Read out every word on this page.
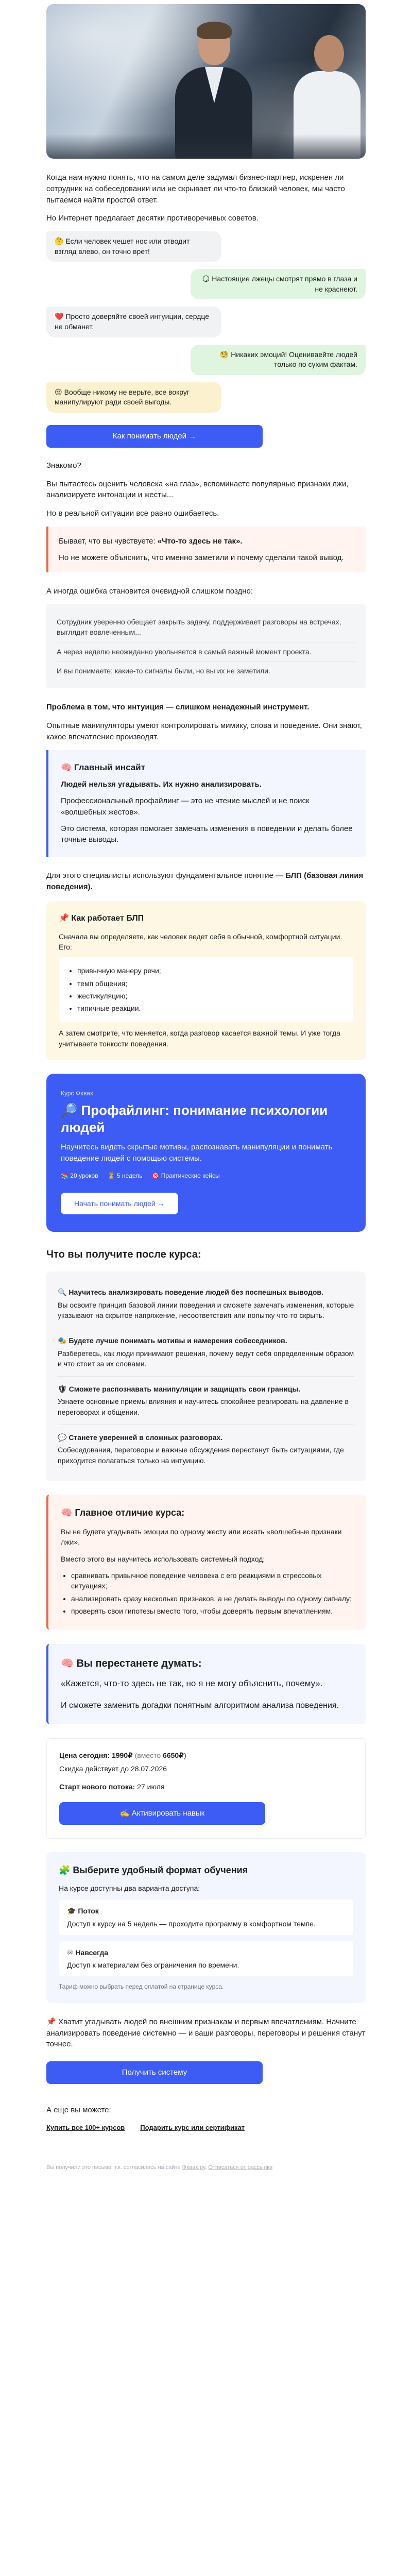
Когда нам нужно понять, что на самом деле задумал бизнес-партнер, искренен ли сотрудник на собеседовании или не скрывает ли что-то близкий человек, мы часто пытаемся найти простой ответ.

Но Интернет предлагает десятки противоречивых советов.

🤔 Если человек чешет нос или отводит взгляд влево, он точно врет!
😏 Настоящие лжецы смотрят прямо в глаза и не краснеют.
❤️ Просто доверяйте своей интуиции, сердце не обманет.
🧐 Никаких эмоций! Оцениваейте людей только по сухим фактам.
😒 Вообще никому не верьте, все вокруг манипулируют ради своей выгоды.
Как понимать людей →

Знакомо?

Вы пытаетесь оценить человека «на глаз», вспоминаете популярные признаки лжи, анализируете интонации и жесты...

Но в реальной ситуации все равно ошибаетесь.

Бывает, что вы чувствуете: «Что-то здесь не так».

Но не можете объяснить, что именно заметили и почему сделали такой вывод.

А иногда ошибка становится очевидной слишком поздно:

Сотрудник уверенно обещает закрыть задачу, поддерживает разговоры на встречах, выглядит вовлеченным...

А через неделю неожиданно увольняется в самый важный момент проекта.

И вы понимаете: какие-то сигналы были, но вы их не заметили.

Проблема в том, что интуиция — слишком ненадежный инструмент.

Опытные манипуляторы умеют контролировать мимику, слова и поведение. Они знают, какое впечатление производят.

🧠 Главный инсайт

Людей нельзя угадывать. Их нужно анализировать.

Профессиональный профайлинг — это не чтение мыслей и не поиск «волшебных жестов».

Это система, которая помогает замечать изменения в поведении и делать более точные выводы.

Для этого специалисты используют фундаментальное понятие — БЛП (базовая линия поведения).

📌 Как работает БЛП

Сначала вы определяете, как человек ведет себя в обычной, комфортной ситуации. Его:

• привычную манеру речи;
• темп общения;
• жестикуляцию;
• типичные реакции.

А затем смотрите, что меняется, когда разговор касается важной темы. И уже тогда учитываете тонкости поведения.

Курс Фхвах
🔎 Профайлинг: понимание психологии людей
Научитесь видеть скрытые мотивы, распознавать манипуляции и понимать поведение людей с помощью системы.
📚 20 уроков ⏳ 5 недель 🎯 Практические кейсы
Начать понимать людей →
Что вы получите после курса:
🔍 Научитесь анализировать поведение людей без поспешных выводов.
Вы освоите принцип базовой линии поведения и сможете замечать изменения, которые указывают на скрытое напряжение, несоответствия или попытку что-то скрыть.
🎭 Будете лучше понимать мотивы и намерения собеседников.
Разберетесь, как люди принимают решения, почему ведут себя определенным образом и что стоит за их словами.
🛡 Сможете распознавать манипуляции и защищать свои границы.
Узнаете основные приемы влияния и научитесь спокойнее реагировать на давление в переговорах и общении.
💬 Станете уверенней в сложных разговорах.
Собеседования, переговоры и важные обсуждения перестанут быть ситуациями, где приходится полагаться только на интуицию.
🧠 Главное отличие курса:

Вы не будете угадывать эмоции по одному жесту или искать «волшебные признаки лжи».

Вместо этого вы научитесь использовать системный подход:

• сравнивать привычное поведение человека с его реакциями в стрессовых ситуациях;
• анализировать сразу несколько признаков, а не делать выводы по одному сигналу;
• проверять свои гипотезы вместо того, чтобы доверять первым впечатлениям.
🧠 Вы перестанете думать:

«Кажется, что-то здесь не так, но я не могу объяснить, почему».

И сможете заменить догадки понятным алгоритмом анализа поведения.

Цена сегодня: 1990₽ (вместо 6650₽)
Скидка действует до 28.07.2026
Старт нового потока: 27 июля
✍️ Активировать навык
🧩 Выберите удобный формат обучения

На курсе доступны два варианта доступа:

🎓 Поток
Доступ к курсу на 5 недель — проходите программу в комфортном темпе.
♾ Навсегда
Доступ к материалам без ограничения по времени.

Тариф можно выбрать перед оплатой на странице курса.

📌 Хватит угадывать людей по внешним признакам и первым впечатлениям. Начните анализировать поведение системно — и ваши разговоры, переговоры и решения станут точнее.

Получить систему

А еще вы можете:

Купить все 100+ курсов Подарить курс или сертификат
Вы получили это письмо, т.к. согласились на сайте Фхвах.ру. Отписаться от рассылки
